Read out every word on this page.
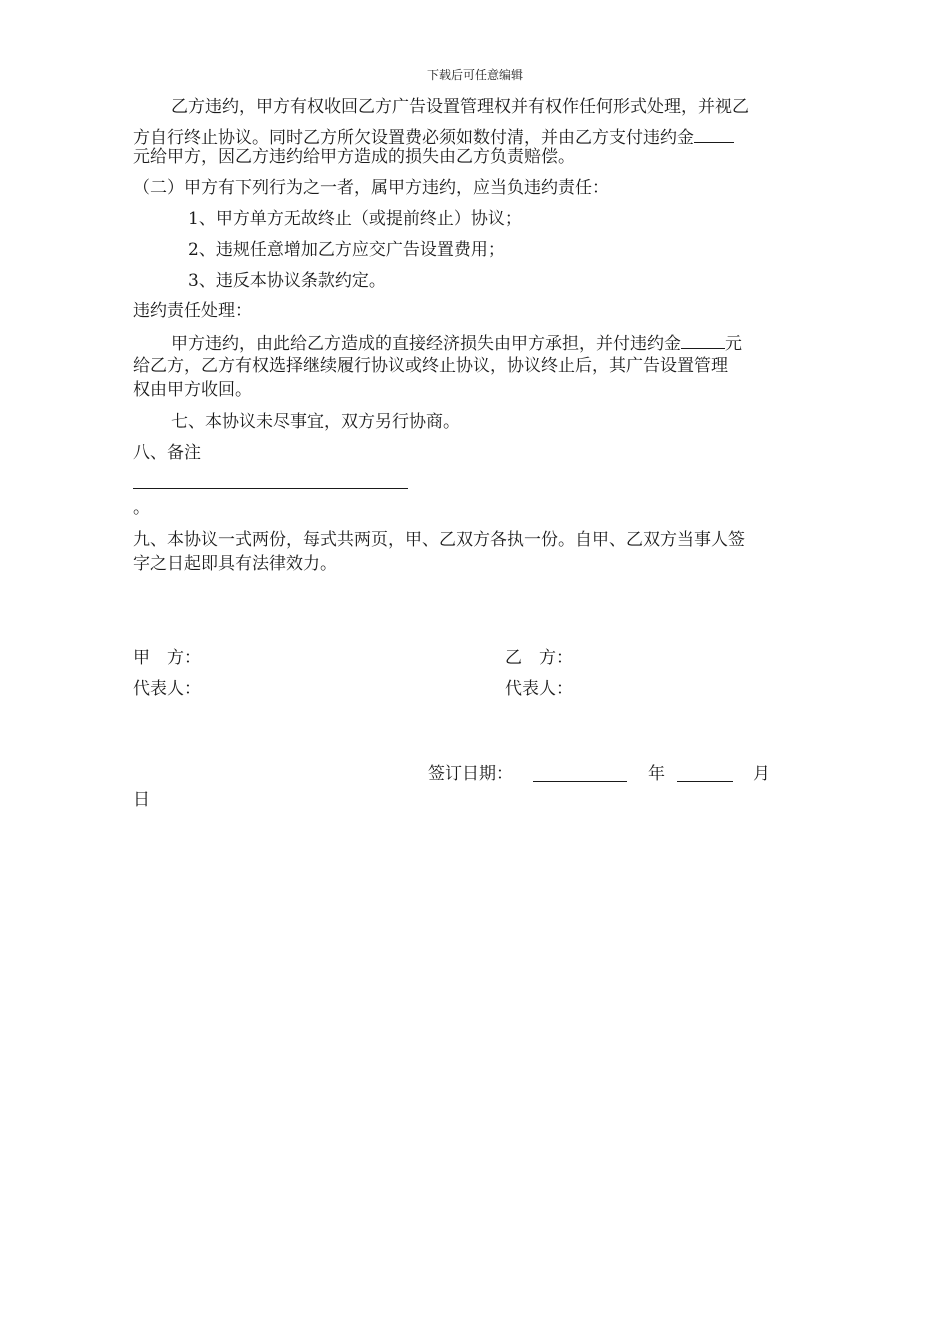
下载后可任意编辑
乙方违约，甲方有权收回乙方广告设置管理权并有权作任何形式处理，并视乙
方自行终止协议。同时乙方所欠设置费必须如数付清，并由乙方支付违约金
元给甲方，因乙方违约给甲方造成的损失由乙方负责赔偿。
（二）甲方有下列行为之一者，属甲方违约，应当负违约责任：
1、甲方单方无故终止（或提前终止）协议；
2、违规任意增加乙方应交广告设置费用；
3、违反本协议条款约定。
违约责任处理：
甲方违约，由此给乙方造成的直接经济损失由甲方承担，并付违约金	元
给乙方，乙方有权选择继续履行协议或终止协议，协议终止后，其广告设置管理
权由甲方收回。
七、本协议未尽事宜，双方另行协商。
八、备注
。
九、本协议一式两份，每式共两页，甲、乙双方各执一份。自甲、乙双方当事人签
字之日起即具有法律效力。
甲　方：	乙　方：
代表人：	代表人：
签订日期：	年	月
日
